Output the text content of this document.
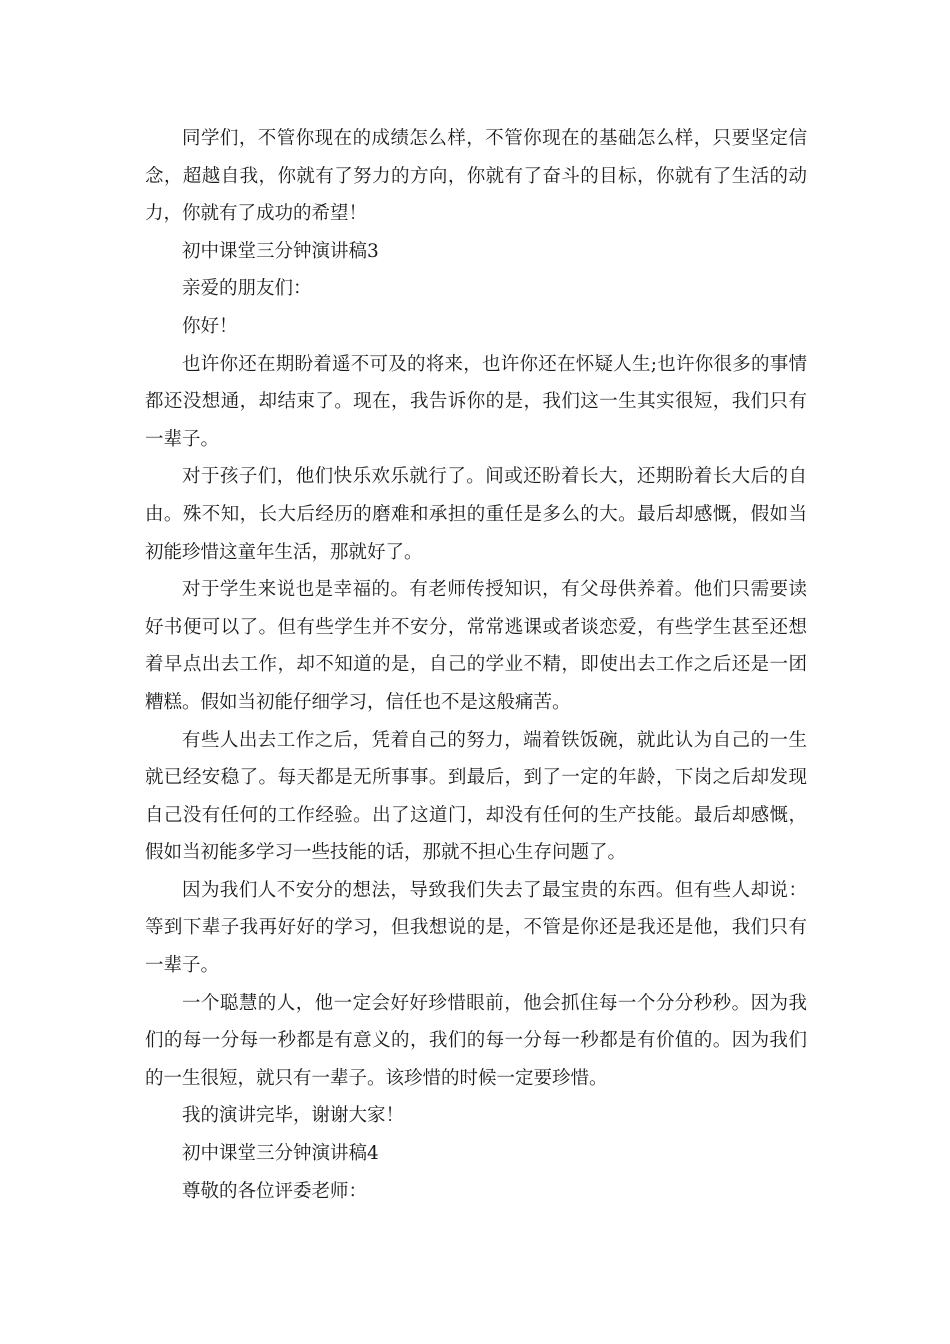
同学们，不管你现在的成绩怎么样，不管你现在的基础怎么样，只要坚定信念，超越自我，你就有了努力的方向，你就有了奋斗的目标，你就有了生活的动力，你就有了成功的希望！

初中课堂三分钟演讲稿3

亲爱的朋友们：

你好！

也许你还在期盼着遥不可及的将来，也许你还在怀疑人生;也许你很多的事情都还没想通，却结束了。现在，我告诉你的是，我们这一生其实很短，我们只有一辈子。

对于孩子们，他们快乐欢乐就行了。间或还盼着长大，还期盼着长大后的自由。殊不知，长大后经历的磨难和承担的重任是多么的大。最后却感慨，假如当初能珍惜这童年生活，那就好了。

对于学生来说也是幸福的。有老师传授知识，有父母供养着。他们只需要读好书便可以了。但有些学生并不安分，常常逃课或者谈恋爱，有些学生甚至还想着早点出去工作，却不知道的是，自己的学业不精，即使出去工作之后还是一团糟糕。假如当初能仔细学习，信任也不是这般痛苦。

有些人出去工作之后，凭着自己的努力，端着铁饭碗，就此认为自己的一生就已经安稳了。每天都是无所事事。到最后，到了一定的年龄，下岗之后却发现自己没有任何的工作经验。出了这道门，却没有任何的生产技能。最后却感慨，假如当初能多学习一些技能的话，那就不担心生存问题了。

因为我们人不安分的想法，导致我们失去了最宝贵的东西。但有些人却说：等到下辈子我再好好的学习，但我想说的是，不管是你还是我还是他，我们只有一辈子。

一个聪慧的人，他一定会好好珍惜眼前，他会抓住每一个分分秒秒。因为我们的每一分每一秒都是有意义的，我们的每一分每一秒都是有价值的。因为我们的一生很短，就只有一辈子。该珍惜的时候一定要珍惜。

我的演讲完毕，谢谢大家！

初中课堂三分钟演讲稿4

尊敬的各位评委老师：
